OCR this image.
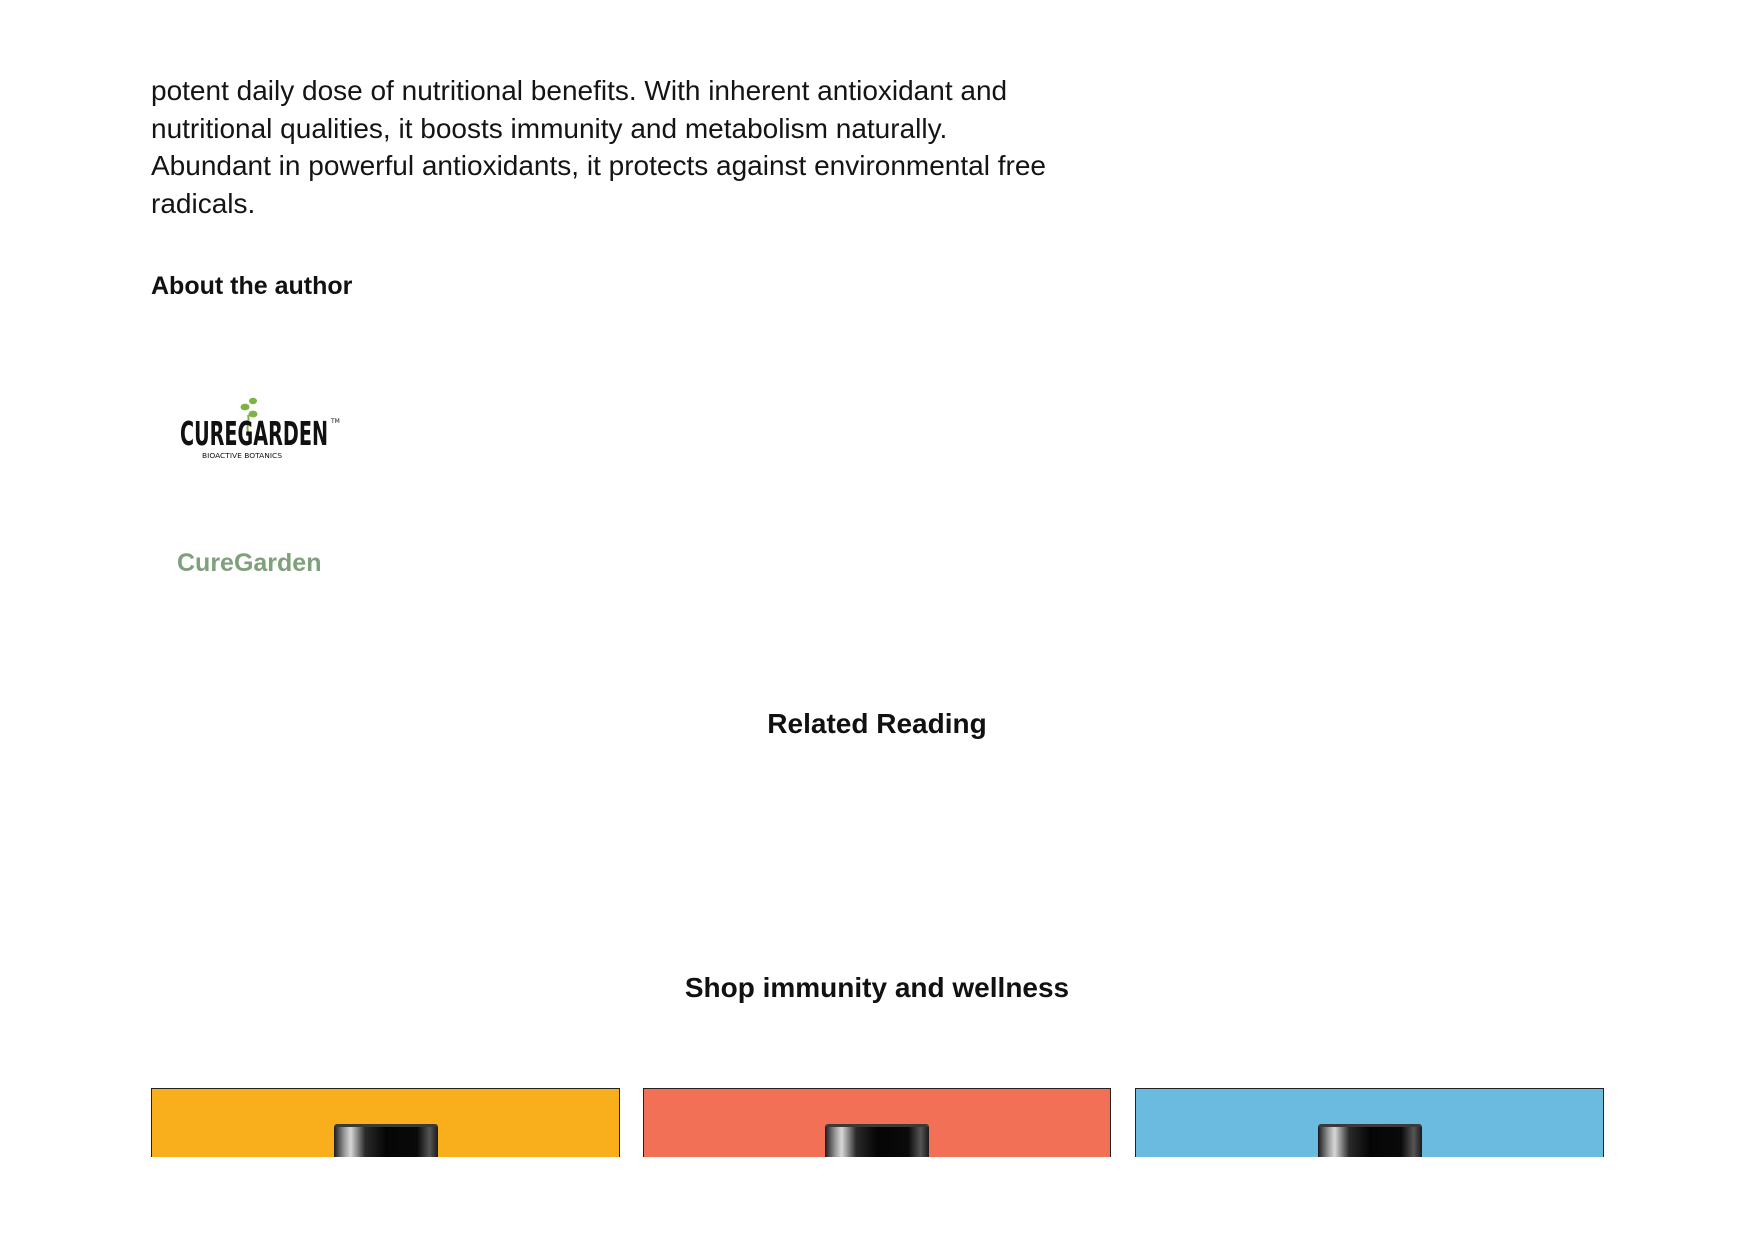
potent daily dose of nutritional benefits. With inherent antioxidant and nutritional qualities, it boosts immunity and metabolism naturally. Abundant in powerful antioxidants, it protects against environmental free radicals.

About the author
CUREGARDEN TM
BIOACTIVE BOTANICS
CureGarden
Related Reading
Shop immunity and wellness
